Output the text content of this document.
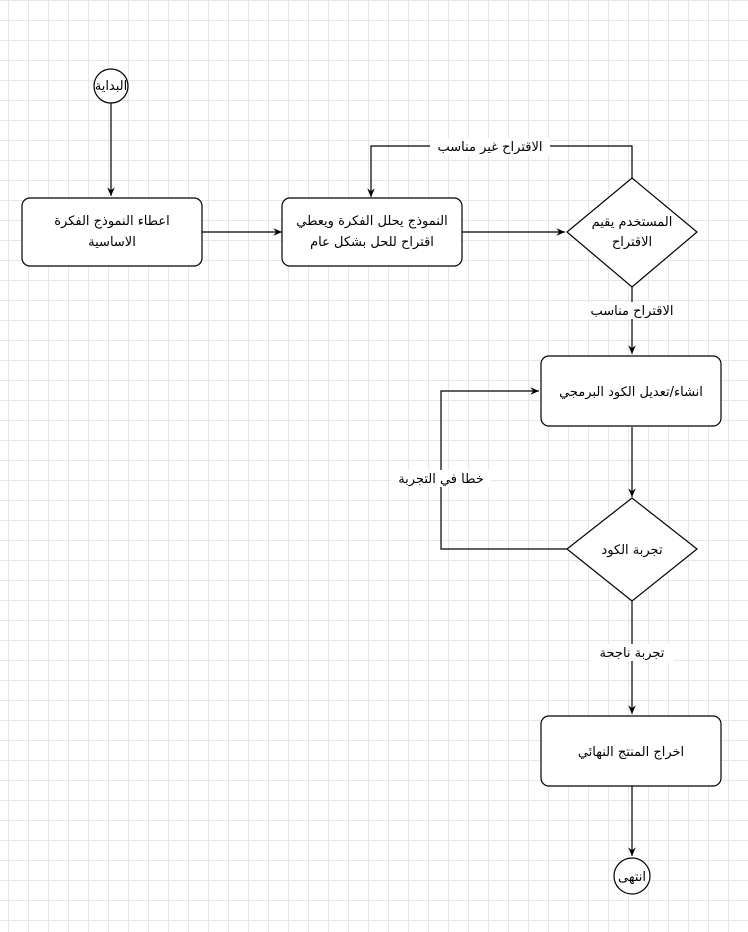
الاقتراح غير مناسب
الاقتراح مناسب
خطا في التجربة
تجربة ناجحة
البداية
اعطاء النموذج الفكرة
الاساسية
النموذج يحلل الفكرة ويعطي
اقتراح للحل بشكل عام
المستخدم يقيم
الاقتراح
انشاء/تعديل الكود البرمجي
تجربة الكود
اخراج المنتج النهائي
انتهى
